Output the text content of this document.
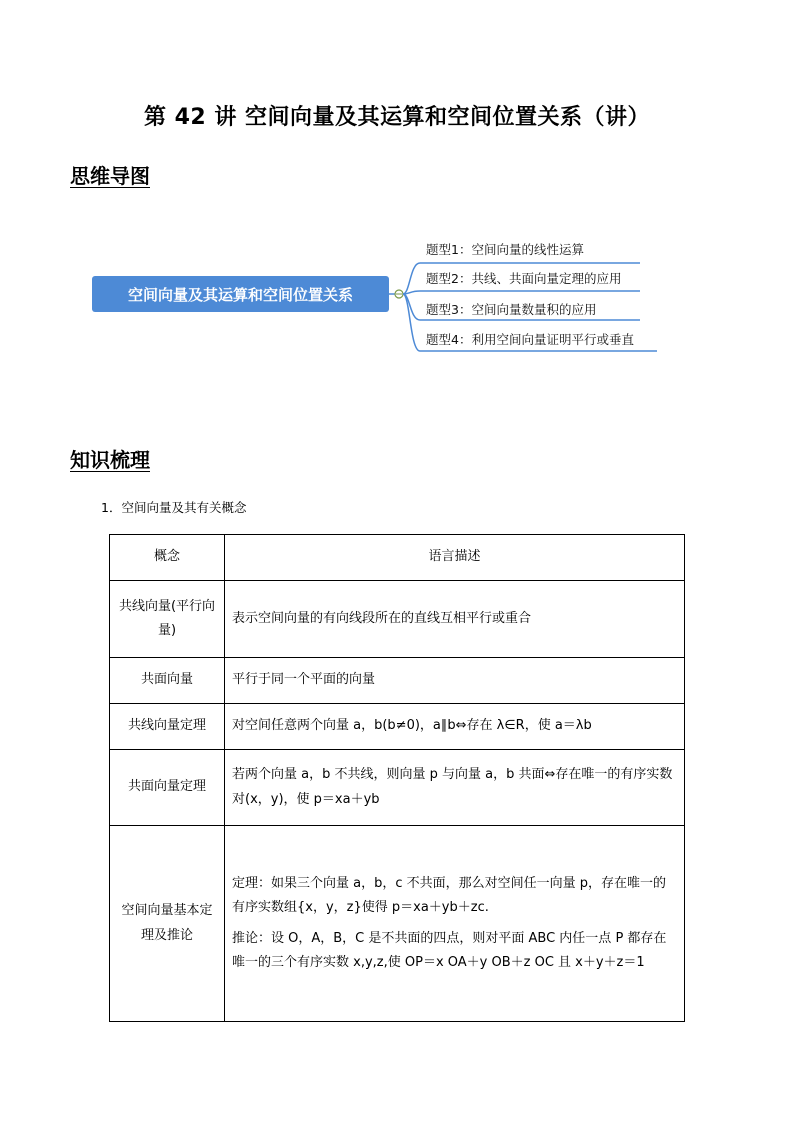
第 42 讲 空间向量及其运算和空间位置关系（讲）
思维导图
空间向量及其运算和空间位置关系
题型1：空间向量的线性运算
题型2：共线、共面向量定理的应用
题型3：空间向量数量积的应用
题型4：利用空间向量证明平行或垂直
知识梳理
1．空间向量及其有关概念
概念	语言描述
共线向量(平行向量)	表示空间向量的有向线段所在的直线互相平行或重合
共面向量	平行于同一个平面的向量
共线向量定理	对空间任意两个向量 a，b(b≠0)，a∥b⇔存在 λ∈R，使 a＝λb
共面向量定理	若两个向量 a，b 不共线，则向量 p 与向量 a，b 共面⇔存在唯一的有序实数对(x，y)，使 p＝xa＋yb
空间向量基本定理及推论	定理：如果三个向量 a，b，c 不共面，那么对空间任一向量 p，存在唯一的有序实数组{x，y，z}使得 p＝xa＋yb＋zc.
推论：设 O，A，B，C 是不共面的四点，则对平面 ABC 内任一点 P 都存在唯一的三个有序实数 x,y,z,使 OP＝x OA＋y OB＋z OC 且 x＋y＋z＝1
